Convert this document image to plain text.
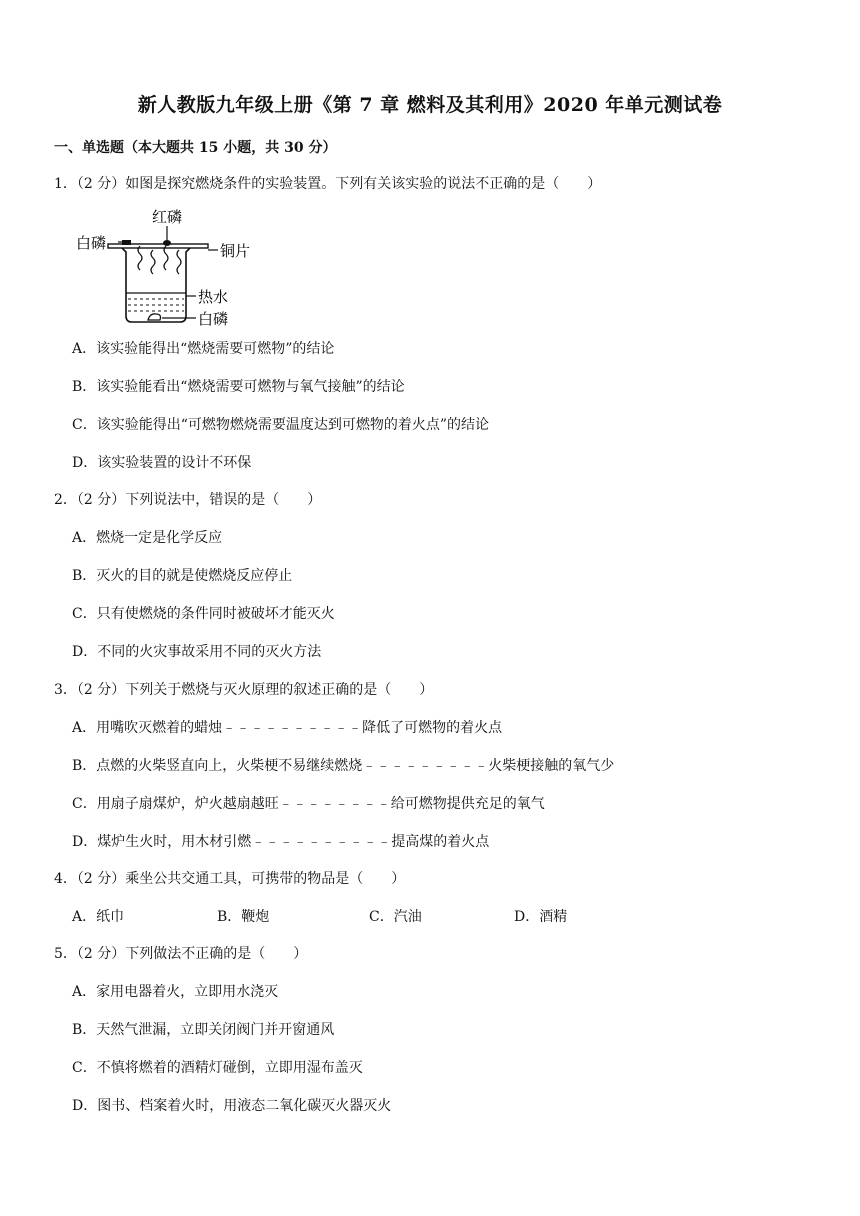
新人教版九年级上册《第 7 章 燃料及其利用》2020 年单元测试卷
一、单选题（本大题共 15 小题，共 30 分）
1．（2 分）如图是探究燃烧条件的实验装置。下列有关该实验的说法不正确的是（　　）
红磷
白磷	铜片
热水
白磷
A．该实验能得出“燃烧需要可燃物”的结论
B．该实验能看出“燃烧需要可燃物与氧气接触”的结论
C．该实验能得出“可燃物燃烧需要温度达到可燃物的着火点”的结论
D．该实验装置的设计不环保
2．（2 分）下列说法中，错误的是（　　）
A．燃烧一定是化学反应
B．灭火的目的就是使燃烧反应停止
C．只有使燃烧的条件同时被破坏才能灭火
D．不同的火灾事故采用不同的灭火方法
3．（2 分）下列关于燃烧与灭火原理的叙述正确的是（　　）
A．用嘴吹灭燃着的蜡烛﹣﹣﹣﹣﹣﹣﹣﹣﹣﹣降低了可燃物的着火点
B．点燃的火柴竖直向上，火柴梗不易继续燃烧﹣﹣﹣﹣﹣﹣﹣﹣﹣火柴梗接触的氧气少
C．用扇子扇煤炉，炉火越扇越旺﹣﹣﹣﹣﹣﹣﹣﹣给可燃物提供充足的氧气
D．煤炉生火时，用木材引燃﹣﹣﹣﹣﹣﹣﹣﹣﹣﹣提高煤的着火点
4．（2 分）乘坐公共交通工具，可携带的物品是（　　）
A．纸巾	B．鞭炮	C．汽油	D．酒精
5．（2 分）下列做法不正确的是（　　）
A．家用电器着火，立即用水浇灭
B．天然气泄漏，立即关闭阀门并开窗通风
C．不慎将燃着的酒精灯碰倒，立即用湿布盖灭
D．图书、档案着火时，用液态二氧化碳灭火器灭火
